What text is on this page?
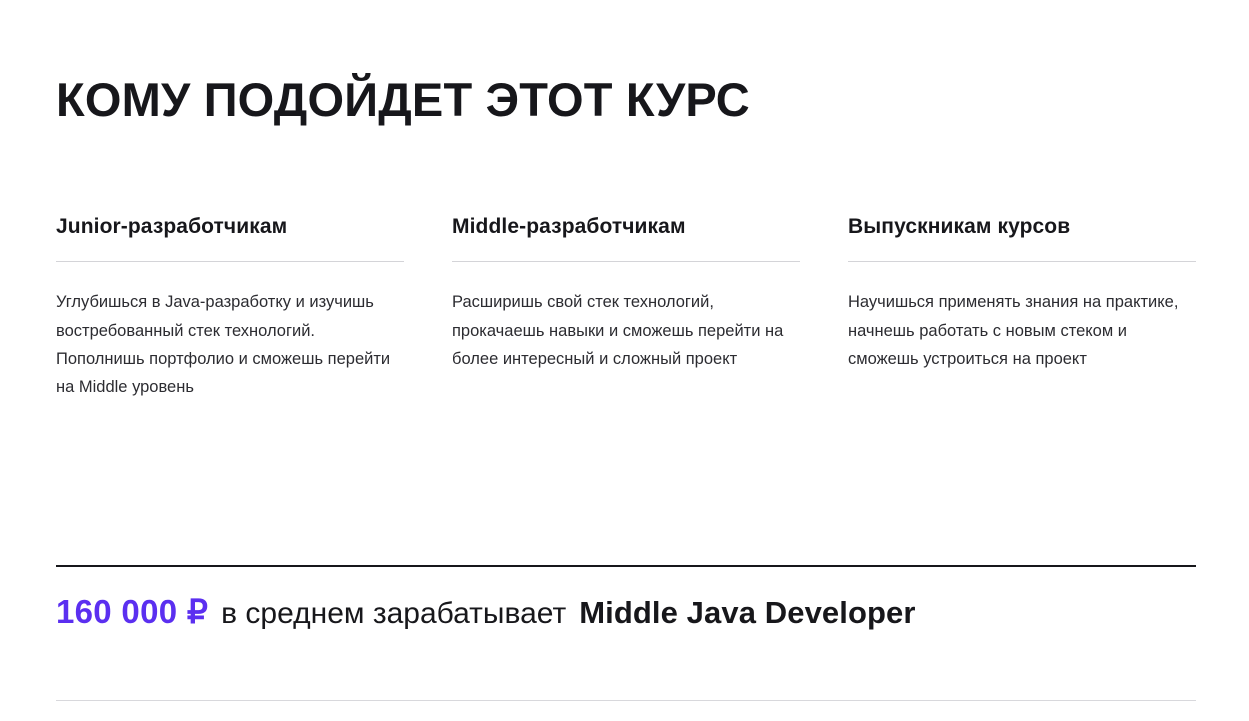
КОМУ ПОДОЙДЕТ ЭТОТ КУРС
Junior-разработчикам
Углубишься в Java-разработку и изучишь востребованный стек технологий. Пополнишь портфолио и сможешь перейти на Middle уровень
Middle-разработчикам
Расширишь свой стек технологий, прокачаешь навыки и сможешь перейти на более интересный и сложный проект
Выпускникам курсов
Научишься применять знания на практике, начнешь работать с новым стеком и сможешь устроиться на проект
160 000 ₽ в среднем зарабатывает Middle Java Developer
